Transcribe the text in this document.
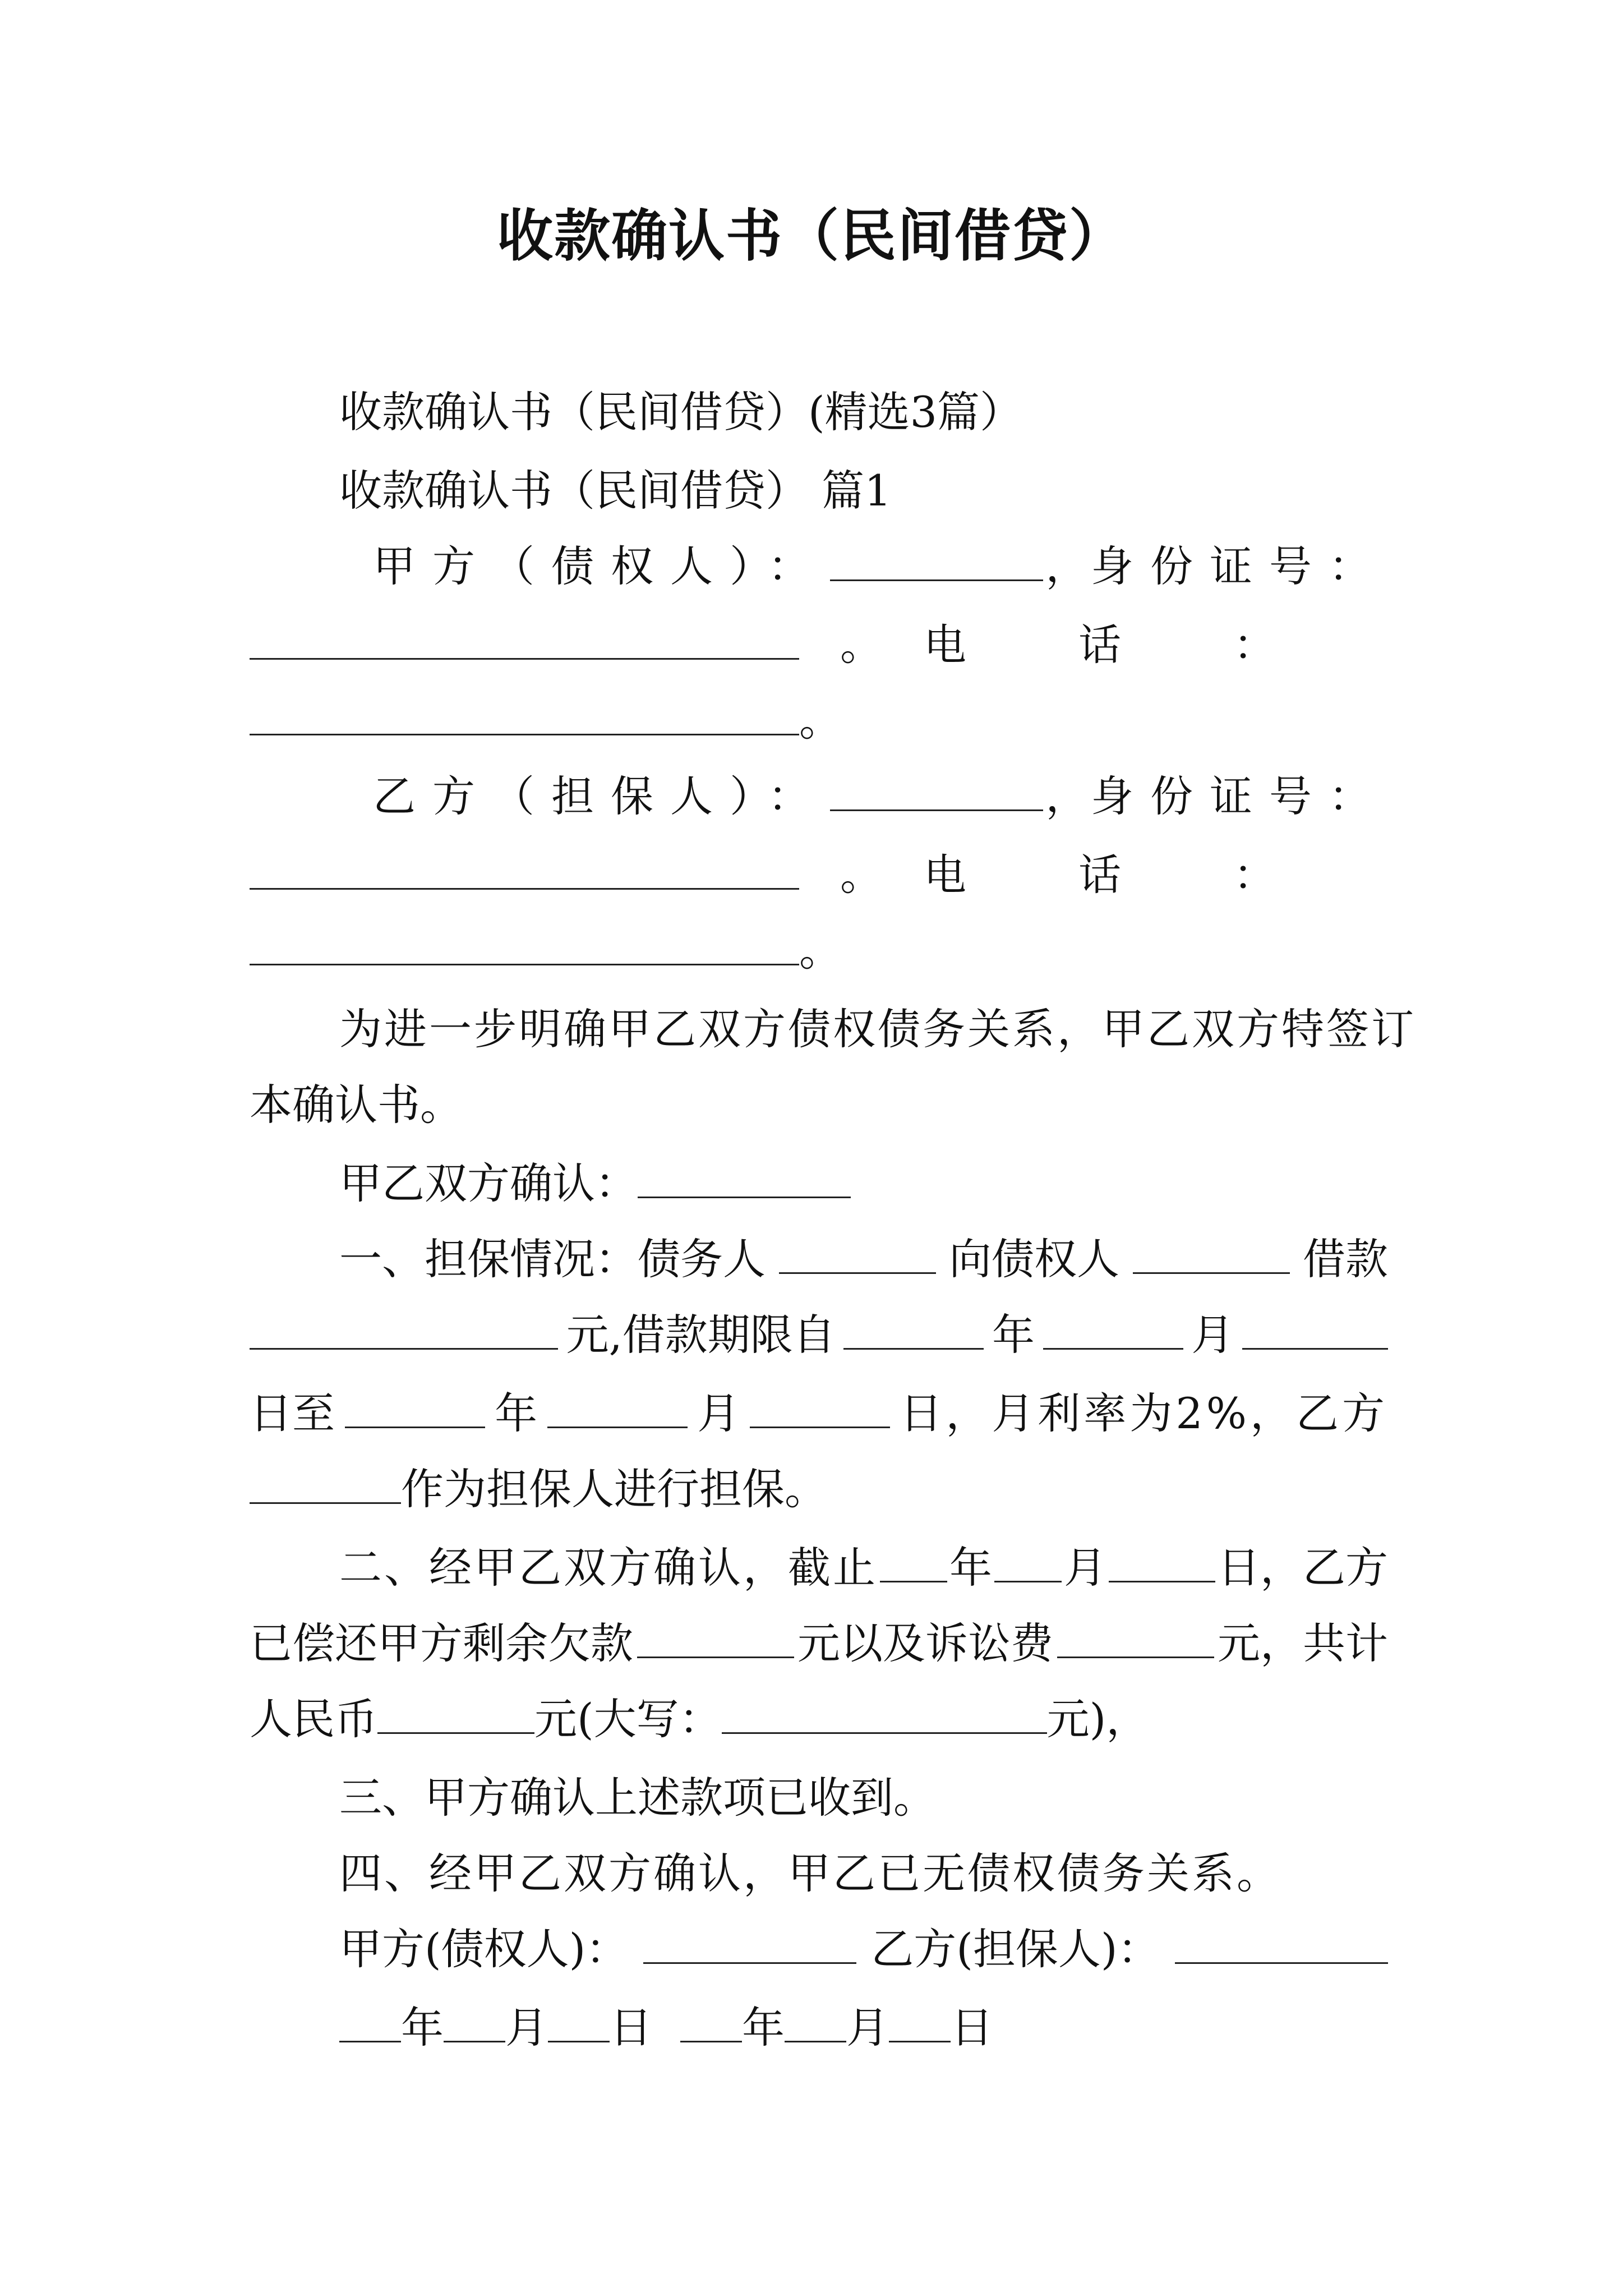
收款确认书（民间借贷）
收款确认书（民间借贷）(精选3篇）
收款确认书（民间借贷） 篇1
甲方（债权人）：	， 身份证号：
。 电话：
。
乙方（担保人）：	， 身份证号：
。 电话：
。
为进一步明确甲乙双方债权债务关系，甲乙双方特签订
本确认书。
甲乙双方确认：
一、担保情况：债务人	向债权人	借款
元,借款期限自	年	月
日至	年	月	日，月利率为2%，乙方
作为担保人进行担保。
二、经甲乙双方确认，截止 年 月	日，乙方
已偿还甲方剩余欠款	元以及诉讼费	元，共计
人民币	元(大写：	元)，
三、甲方确认上述款项已收到。
四、经甲乙双方确认，甲乙已无债权债务关系。
甲方(债权人)：	乙方(担保人)：
年 月 日 年 月 日
